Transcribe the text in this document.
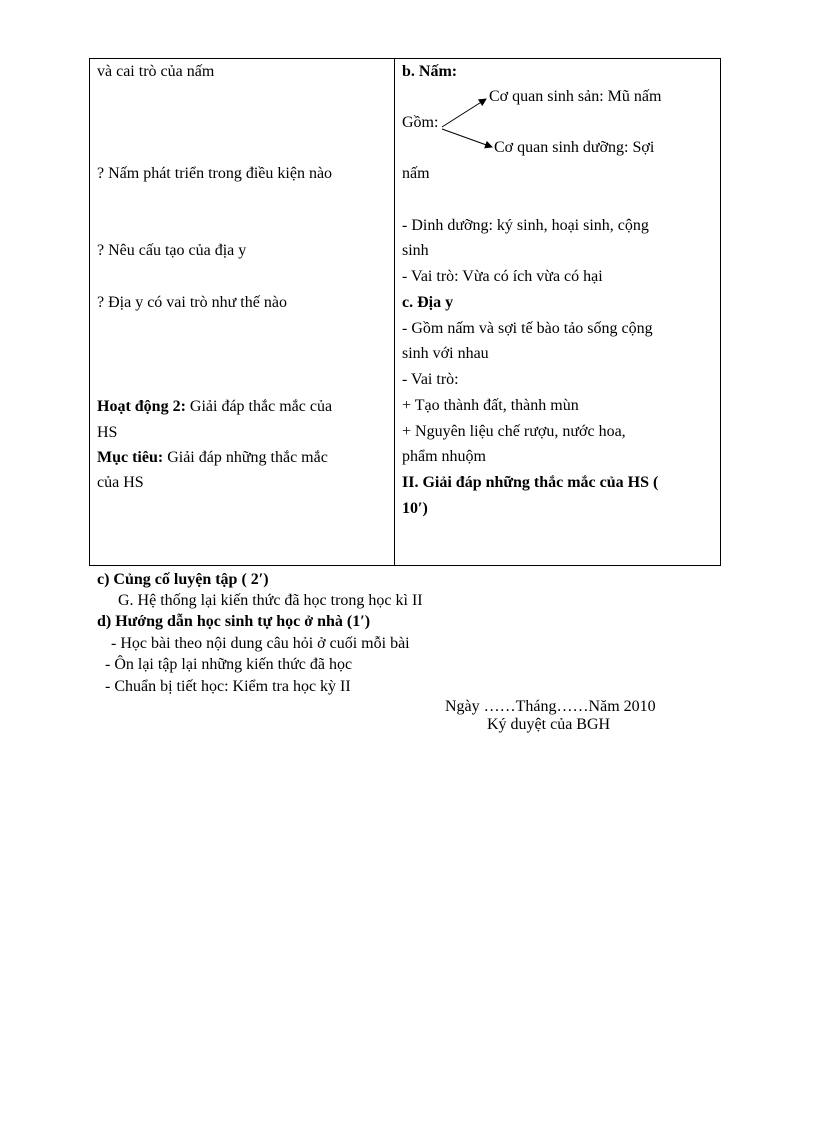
và cai trò của nấm
? Nấm phát triển trong điều kiện nào
? Nêu cấu tạo của địa y
? Địa y có vai trò như thế nào
Hoạt động 2: Giải đáp thắc mắc của
HS
Mục tiêu: Giải đáp những thắc mắc
của HS
b. Nấm:
Gồm:
Cơ quan sinh sản: Mũ nấm
Cơ quan sinh dưỡng: Sợi
nấm
- Dinh dưỡng: ký sinh, hoại sinh, cộng
sinh
- Vai trò: Vừa có ích vừa có hại
c. Địa y
- Gồm nấm và sợi tế bào tảo sống cộng
sinh với nhau
- Vai trò:
+ Tạo thành đất, thành mùn
+ Nguyên liệu chế rượu, nước hoa,
phẩm nhuộm
II. Giải đáp những thắc mắc của HS (
10′)
c) Củng cố luyện tập ( 2′)
G. Hệ thống lại kiến thức đã học trong học kì II
d) Hướng dẫn học sinh tự học ở nhà (1′)
- Học bài theo nội dung câu hỏi ở cuối mỗi bài
- Ôn lại tập lại những kiến thức đã học
- Chuẩn bị tiết học: Kiểm tra học kỳ II
Ngày ……Tháng……Năm 2010
Ký duyệt của BGH
